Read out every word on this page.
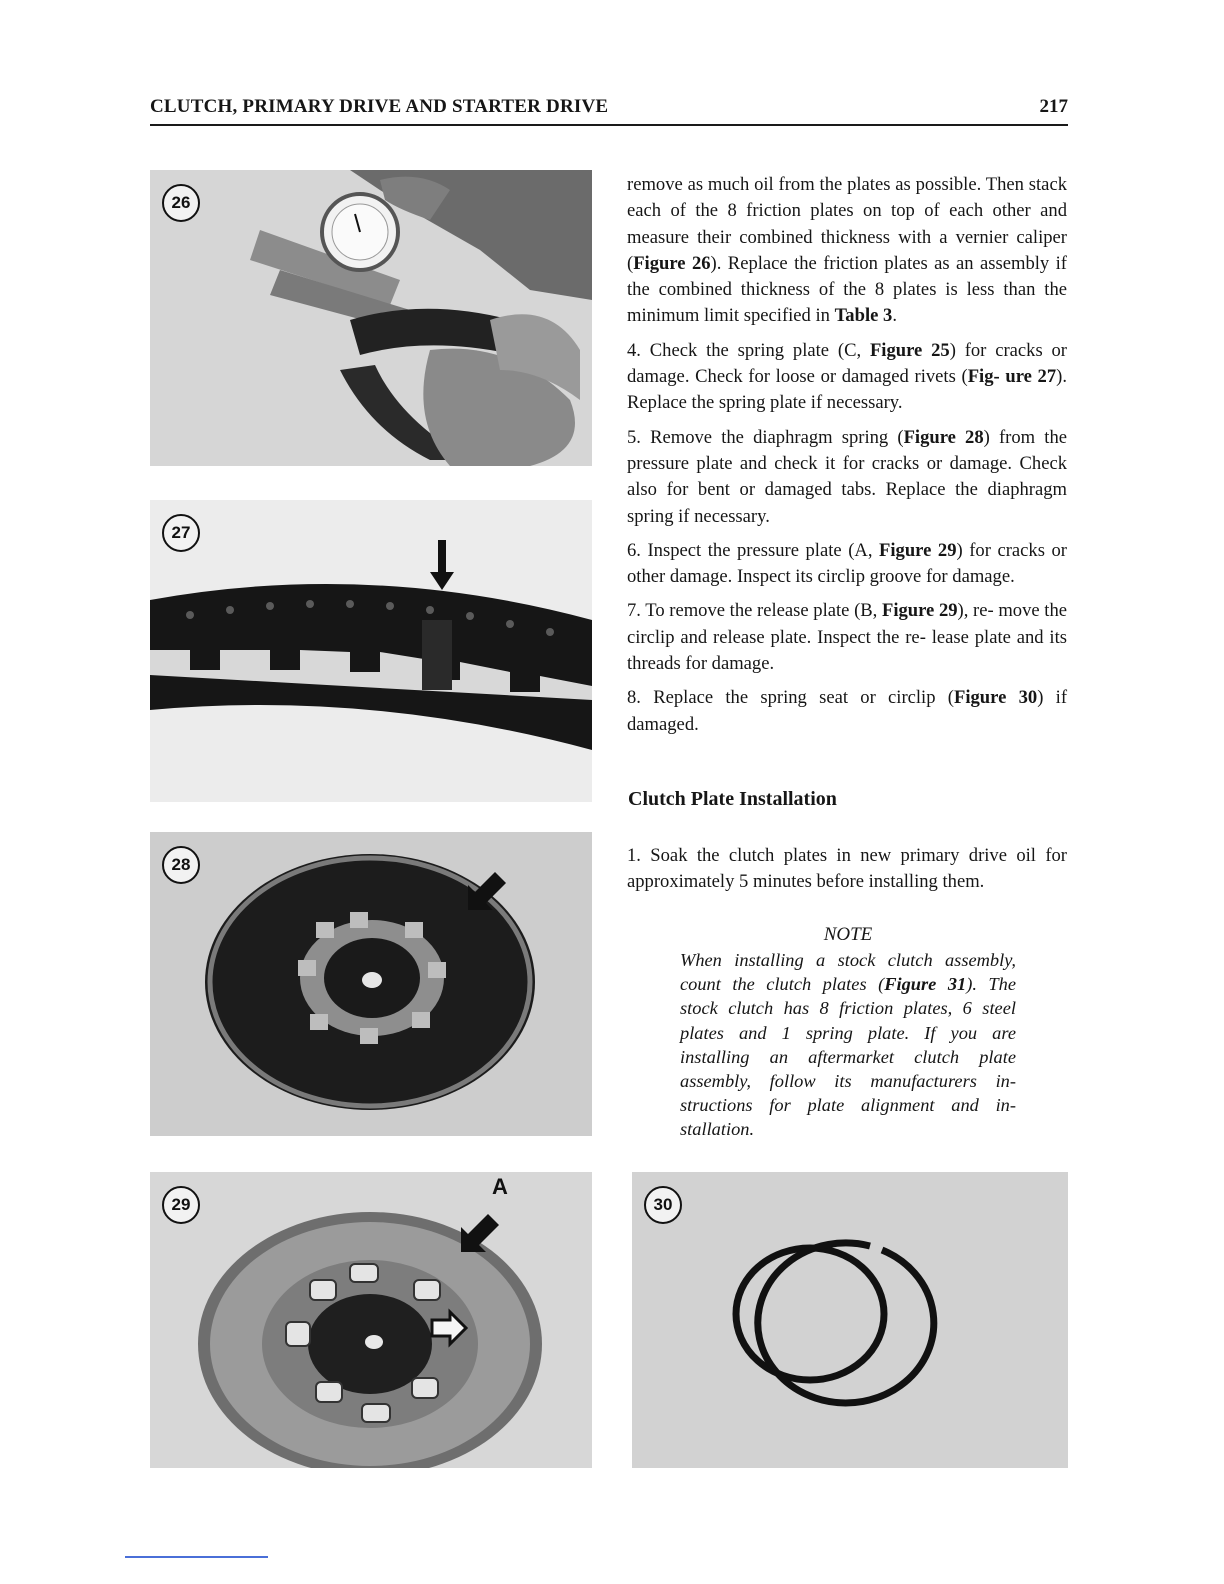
CLUTCH, PRIMARY DRIVE AND STARTER DRIVE	217
26
27
28
29
A
30

remove as much oil from the plates as possible. Then stack each of the 8 friction plates on top of each other and measure their combined thickness with a vernier caliper (Figure 26). Replace the friction plates as an assembly if the combined thickness of the 8 plates is less than the minimum limit specified in Table 3.

4. Check the spring plate (C, Figure 25) for cracks or damage. Check for loose or damaged rivets (Fig- ure 27). Replace the spring plate if necessary.

5. Remove the diaphragm spring (Figure 28) from the pressure plate and check it for cracks or damage. Check also for bent or damaged tabs. Replace the diaphragm spring if necessary.

6. Inspect the pressure plate (A, Figure 29) for cracks or other damage. Inspect its circlip groove for damage.

7. To remove the release plate (B, Figure 29), re- move the circlip and release plate. Inspect the re- lease plate and its threads for damage.

8. Replace the spring seat or circlip (Figure 30) if damaged.

Clutch Plate Installation

1. Soak the clutch plates in new primary drive oil for approximately 5 minutes before installing them.

NOTE

When installing a stock clutch assembly, count the clutch plates (Figure 31). The stock clutch has 8 friction plates, 6 steel plates and 1 spring plate. If you are installing an aftermarket clutch plate assembly, follow its manufacturers in- structions for plate alignment and in- stallation.
